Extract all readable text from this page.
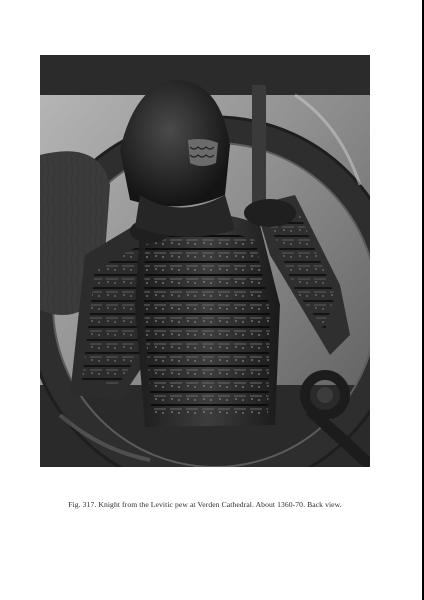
Fig. 317. Knight from the Levitic pew at Verden Cathedral. About 1360-70. Back view.
